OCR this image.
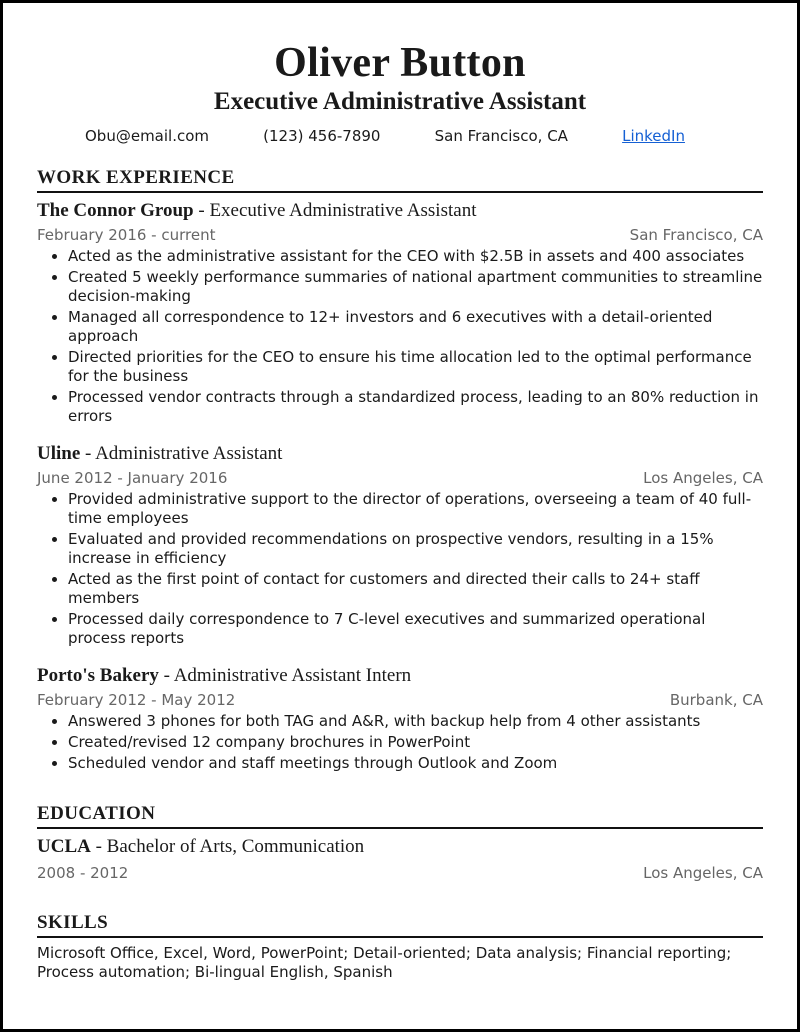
Oliver Button
Executive Administrative Assistant
Obu@email.com	(123) 456-7890	San Francisco, CA	LinkedIn
WORK EXPERIENCE
The Connor Group - Executive Administrative Assistant
February 2016 - current	San Francisco, CA
• Acted as the administrative assistant for the CEO with $2.5B in assets and 400 associates
• Created 5 weekly performance summaries of national apartment communities to streamline decision-making
• Managed all correspondence to 12+ investors and 6 executives with a detail-oriented approach
• Directed priorities for the CEO to ensure his time allocation led to the optimal performance for the business
• Processed vendor contracts through a standardized process, leading to an 80% reduction in errors
Uline - Administrative Assistant
June 2012 - January 2016	Los Angeles, CA
• Provided administrative support to the director of operations, overseeing a team of 40 full-time employees
• Evaluated and provided recommendations on prospective vendors, resulting in a 15% increase in efficiency
• Acted as the first point of contact for customers and directed their calls to 24+ staff members
• Processed daily correspondence to 7 C-level executives and summarized operational process reports
Porto's Bakery - Administrative Assistant Intern
February 2012 - May 2012	Burbank, CA
• Answered 3 phones for both TAG and A&R, with backup help from 4 other assistants
• Created/revised 12 company brochures in PowerPoint
• Scheduled vendor and staff meetings through Outlook and Zoom
EDUCATION
UCLA - Bachelor of Arts, Communication
2008 - 2012	Los Angeles, CA
SKILLS
Microsoft Office, Excel, Word, PowerPoint; Detail-oriented; Data analysis; Financial reporting; Process automation; Bi-lingual English, Spanish
